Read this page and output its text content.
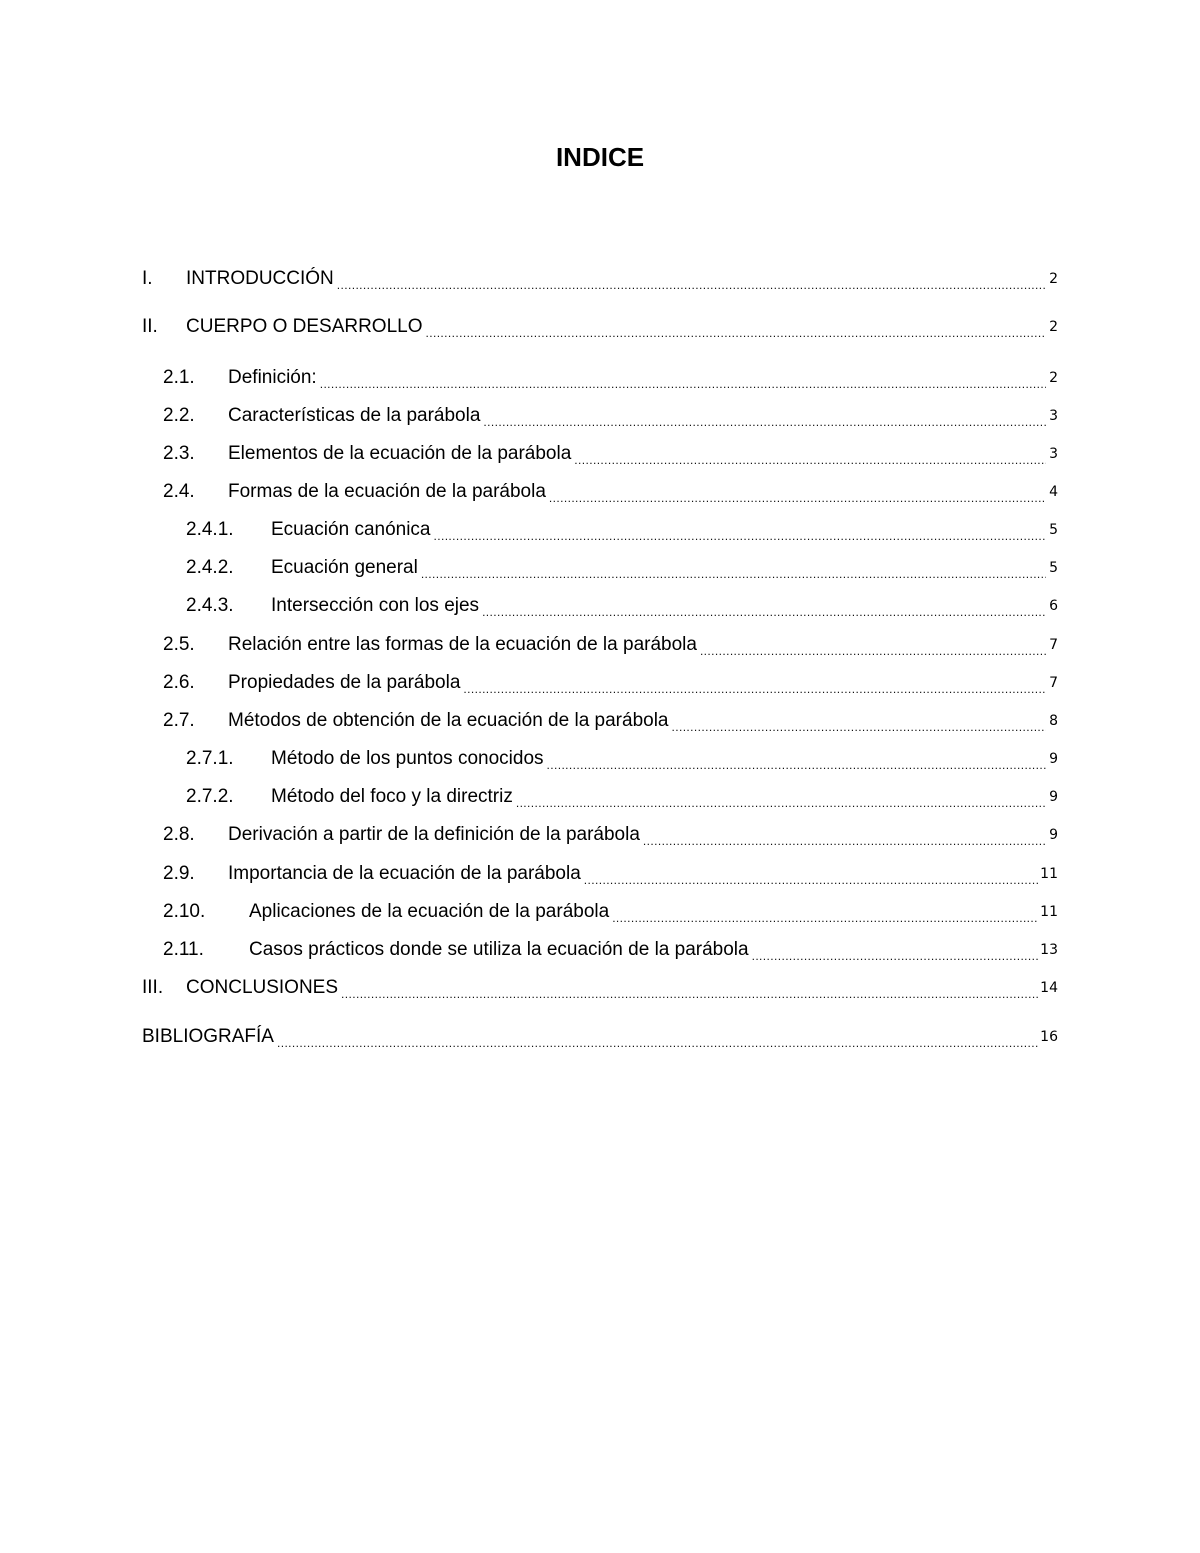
INDICE
I.	INTRODUCCIÓN .....	2
II.	CUERPO O DESARROLLO .....	2
2.1.	Definición: .....	2
2.2.	Características de la parábola .....	3
2.3.	Elementos de la ecuación de la parábola .....	3
2.4.	Formas de la ecuación de la parábola .....	4
2.4.1.	Ecuación canónica .....	5
2.4.2.	Ecuación general .....	5
2.4.3.	Intersección con los ejes .....	6
2.5.	Relación entre las formas de la ecuación de la parábola .....	7
2.6.	Propiedades de la parábola .....	7
2.7.	Métodos de obtención de la ecuación de la parábola .....	8
2.7.1.	Método de los puntos conocidos .....	9
2.7.2.	Método del foco y la directriz .....	9
2.8.	Derivación a partir de la definición de la parábola .....	9
2.9.	Importancia de la ecuación de la parábola .....	11
2.10.	Aplicaciones de la ecuación de la parábola .....	11
2.11.	Casos prácticos donde se utiliza la ecuación de la parábola .....	13
III.	CONCLUSIONES .....	14
BIBLIOGRAFÍA .....	16
